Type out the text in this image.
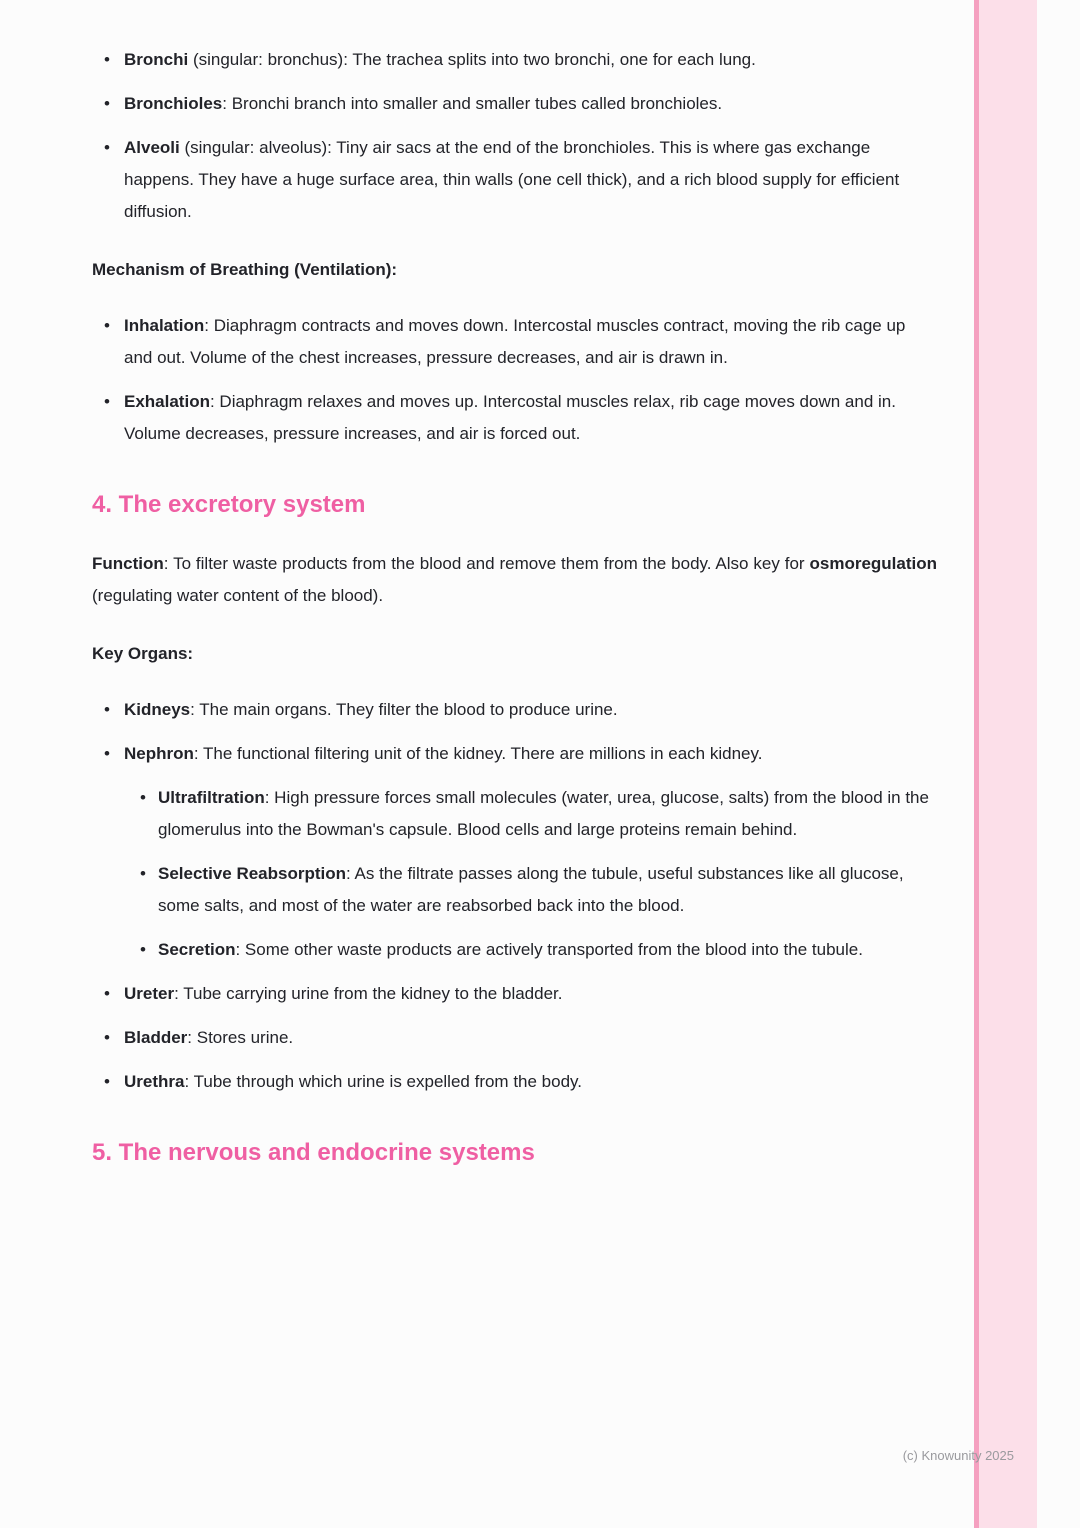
• Bronchi (singular: bronchus): The trachea splits into two bronchi, one for each lung.
• Bronchioles: Bronchi branch into smaller and smaller tubes called bronchioles.
• Alveoli (singular: alveolus): Tiny air sacs at the end of the bronchioles. This is where gas exchange happens. They have a huge surface area, thin walls (one cell thick), and a rich blood supply for efficient diffusion.
Mechanism of Breathing (Ventilation):
• Inhalation: Diaphragm contracts and moves down. Intercostal muscles contract, moving the rib cage up and out. Volume of the chest increases, pressure decreases, and air is drawn in.
• Exhalation: Diaphragm relaxes and moves up. Intercostal muscles relax, rib cage moves down and in. Volume decreases, pressure increases, and air is forced out.
4. The excretory system

Function: To filter waste products from the blood and remove them from the body. Also key for osmoregulation (regulating water content of the blood).

Key Organs:
• Kidneys: The main organs. They filter the blood to produce urine.
• Nephron: The functional filtering unit of the kidney. There are millions in each kidney.
• Ultrafiltration: High pressure forces small molecules (water, urea, glucose, salts) from the blood in the glomerulus into the Bowman's capsule. Blood cells and large proteins remain behind.
• Selective Reabsorption: As the filtrate passes along the tubule, useful substances like all glucose, some salts, and most of the water are reabsorbed back into the blood.
• Secretion: Some other waste products are actively transported from the blood into the tubule.
• Ureter: Tube carrying urine from the kidney to the bladder.
• Bladder: Stores urine.
• Urethra: Tube through which urine is expelled from the body.
5. The nervous and endocrine systems
(c) Knowunity 2025
